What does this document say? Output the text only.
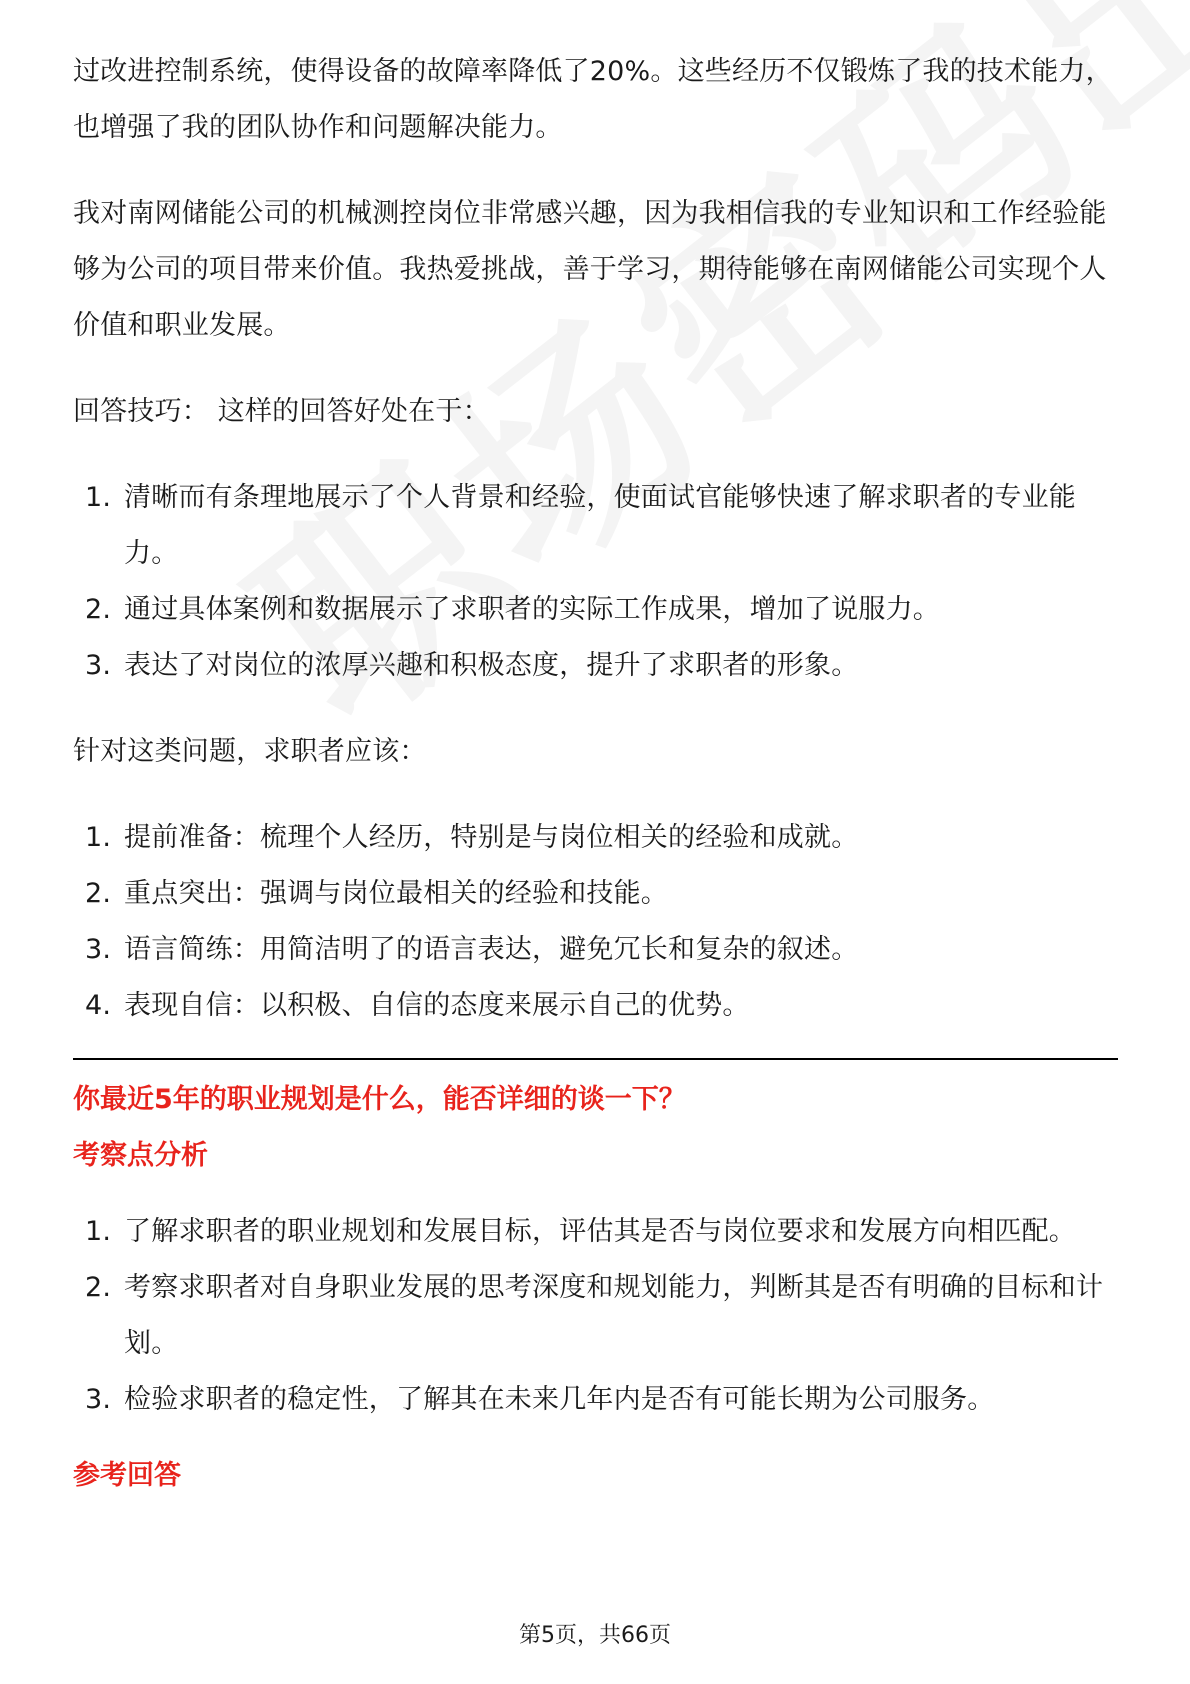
过改进控制系统，使得设备的故障率降低了20%。这些经历不仅锻炼了我的技术能力，也增强了我的团队协作和问题解决能力。

我对南网储能公司的机械测控岗位非常感兴趣，因为我相信我的专业知识和工作经验能够为公司的项目带来价值。我热爱挑战，善于学习，期待能够在南网储能公司实现个人价值和职业发展。

回答技巧： 这样的回答好处在于：

1. 清晰而有条理地展示了个人背景和经验，使面试官能够快速了解求职者的专业能力。
2. 通过具体案例和数据展示了求职者的实际工作成果，增加了说服力。
3. 表达了对岗位的浓厚兴趣和积极态度，提升了求职者的形象。

针对这类问题，求职者应该：

1. 提前准备：梳理个人经历，特别是与岗位相关的经验和成就。
2. 重点突出：强调与岗位最相关的经验和技能。
3. 语言简练：用简洁明了的语言表达，避免冗长和复杂的叙述。
4. 表现自信：以积极、自信的态度来展示自己的优势。
你最近5年的职业规划是什么，能否详细的谈一下？
考察点分析
1. 了解求职者的职业规划和发展目标，评估其是否与岗位要求和发展方向相匹配。
2. 考察求职者对自身职业发展的思考深度和规划能力，判断其是否有明确的目标和计划。
3. 检验求职者的稳定性，了解其在未来几年内是否有可能长期为公司服务。
参考回答
第5页，共66页
